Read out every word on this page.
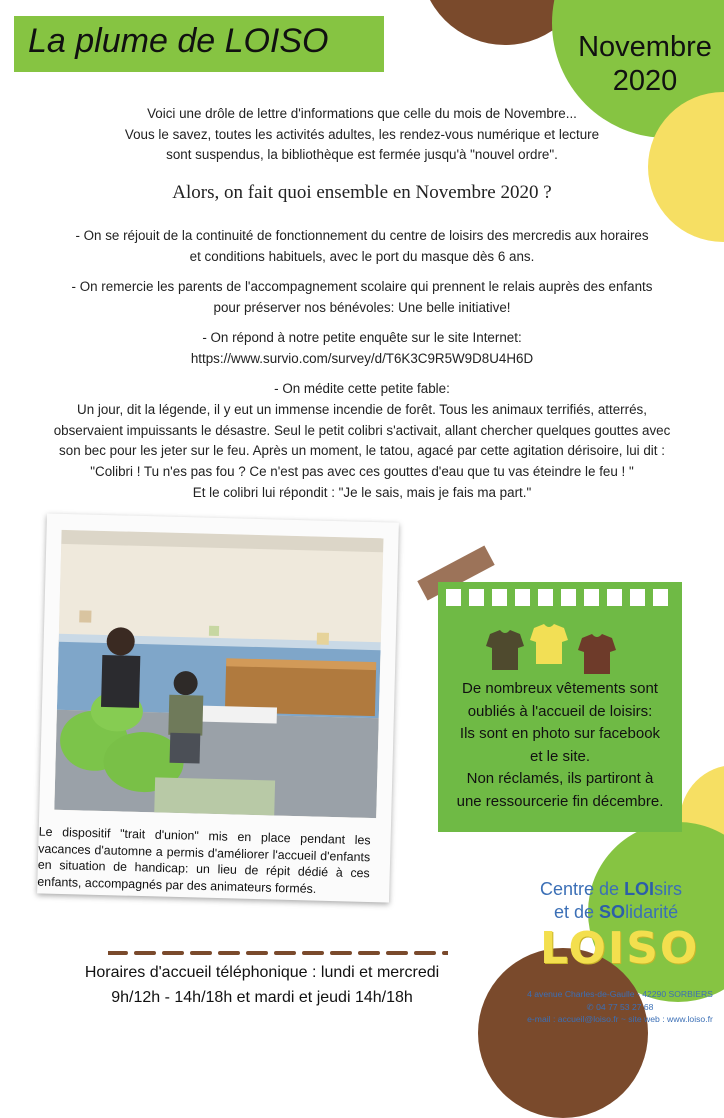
La plume de LOISO	Novembre
2020
Voici une drôle de lettre d'informations que celle du mois de Novembre...
Vous le savez, toutes les activités adultes, les rendez-vous numérique et lecture
sont suspendus, la bibliothèque est fermée jusqu'à "nouvel ordre".
Alors, on fait quoi ensemble en Novembre 2020 ?
- On se réjouit de la continuité de fonctionnement du centre de loisirs des mercredis aux horaires
et conditions habituels, avec le port du masque dès 6 ans.
- On remercie les parents de l'accompagnement scolaire qui prennent le relais auprès des enfants
pour préserver nos bénévoles: Une belle initiative!
- On répond à notre petite enquête sur le site Internet:
https://www.survio.com/survey/d/T6K3C9R5W9D8U4H6D
- On médite cette petite fable:
Un jour, dit la légende, il y eut un immense incendie de forêt. Tous les animaux terrifiés, atterrés,
observaient impuissants le désastre. Seul le petit colibri s'activait, allant chercher quelques gouttes avec
son bec pour les jeter sur le feu. Après un moment, le tatou, agacé par cette agitation dérisoire, lui dit :
"Colibri ! Tu n'es pas fou ? Ce n'est pas avec ces gouttes d'eau que tu vas éteindre le feu ! "
Et le colibri lui répondit : "Je le sais, mais je fais ma part."
Le dispositif "trait d'union" mis en place pendant les vacances d'automne a permis d'améliorer l'accueil d'enfants en situation de handicap: un lieu de répit dédié à ces enfants, accompagnés par des animateurs formés.
De nombreux vêtements sont
oubliés à l'accueil de loisirs:
Ils sont en photo sur facebook
et le site.
Non réclamés, ils partiront à
une ressourcerie fin décembre.
Centre de LOIsirs
et de SOlidarité
LOISO
4 avenue Charles-de-Gaulle - 42290 SORBIERS
✆ 04 77 53 27 68
e-mail : accueil@loiso.fr ~ site web : www.loiso.fr
Horaires d'accueil téléphonique : lundi et mercredi
9h/12h - 14h/18h et mardi et jeudi 14h/18h
